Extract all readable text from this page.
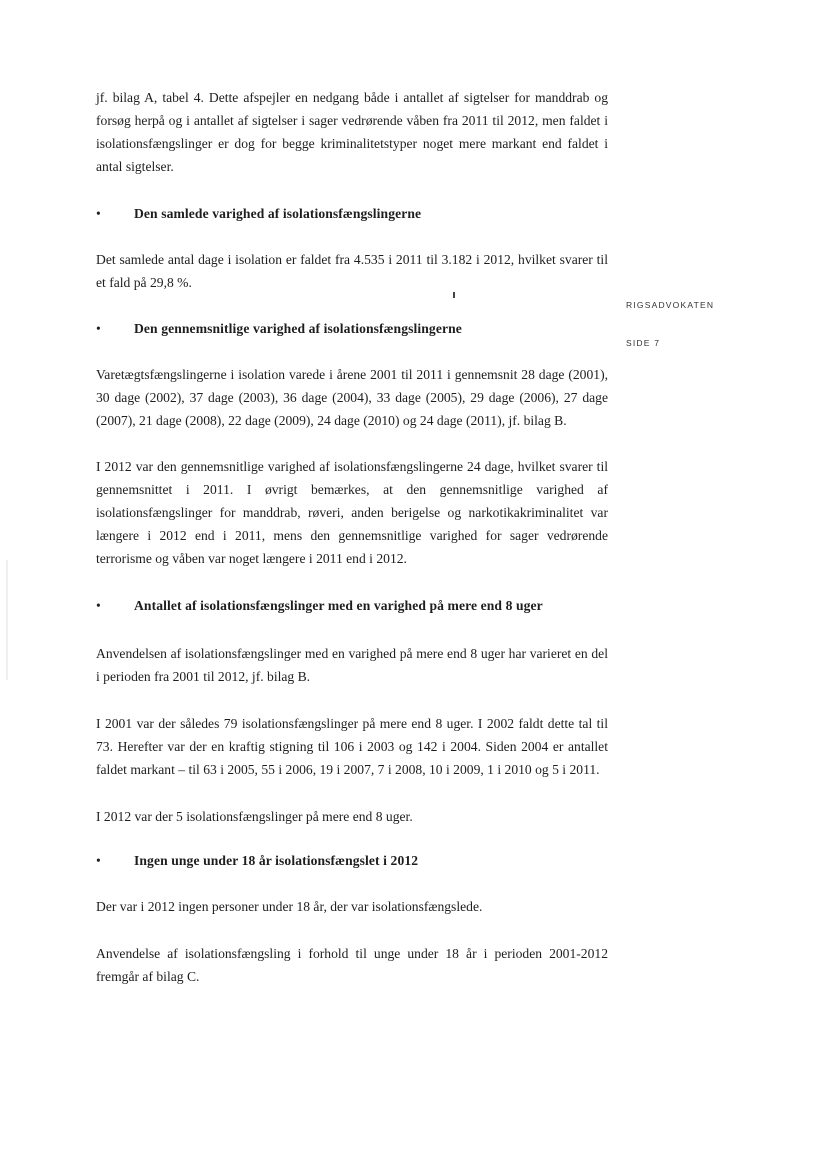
RIGSADVOKATEN
SIDE 7

jf. bilag A, tabel 4. Dette afspejler en nedgang både i antallet af sigtelser for manddrab og forsøg herpå og i antallet af sigtelser i sager vedrørende våben fra 2011 til 2012, men faldet i isolationsfængslinger er dog for begge kriminalitetstyper noget mere markant end faldet i antal sigtelser.

• Den samlede varighed af isolationsfængslingerne

Det samlede antal dage i isolation er faldet fra 4.535 i 2011 til 3.182 i 2012, hvilket svarer til et fald på 29,8 %.

• Den gennemsnitlige varighed af isolationsfængslingerne

Varetægtsfængslingerne i isolation varede i årene 2001 til 2011 i gennemsnit 28 dage (2001), 30 dage (2002), 37 dage (2003), 36 dage (2004), 33 dage (2005), 29 dage (2006), 27 dage (2007), 21 dage (2008), 22 dage (2009), 24 dage (2010) og 24 dage (2011), jf. bilag B.

I 2012 var den gennemsnitlige varighed af isolationsfængslingerne 24 dage, hvilket svarer til gennemsnittet i 2011. I øvrigt bemærkes, at den gennemsnitlige varighed af isolationsfængslinger for manddrab, røveri, anden berigelse og narkotikakriminalitet var længere i 2012 end i 2011, mens den gennemsnitlige varighed for sager vedrørende terrorisme og våben var noget længere i 2011 end i 2012.

• Antallet af isolationsfængslinger med en varighed på mere end 8 uger

Anvendelsen af isolationsfængslinger med en varighed på mere end 8 uger har varieret en del i perioden fra 2001 til 2012, jf. bilag B.

I 2001 var der således 79 isolationsfængslinger på mere end 8 uger. I 2002 faldt dette tal til 73. Herefter var der en kraftig stigning til 106 i 2003 og 142 i 2004. Siden 2004 er antallet faldet markant – til 63 i 2005, 55 i 2006, 19 i 2007, 7 i 2008, 10 i 2009, 1 i 2010 og 5 i 2011.

I 2012 var der 5 isolationsfængslinger på mere end 8 uger.

• Ingen unge under 18 år isolationsfængslet i 2012

Der var i 2012 ingen personer under 18 år, der var isolationsfængslede.

Anvendelse af isolationsfængsling i forhold til unge under 18 år i perioden 2001-2012 fremgår af bilag C.
